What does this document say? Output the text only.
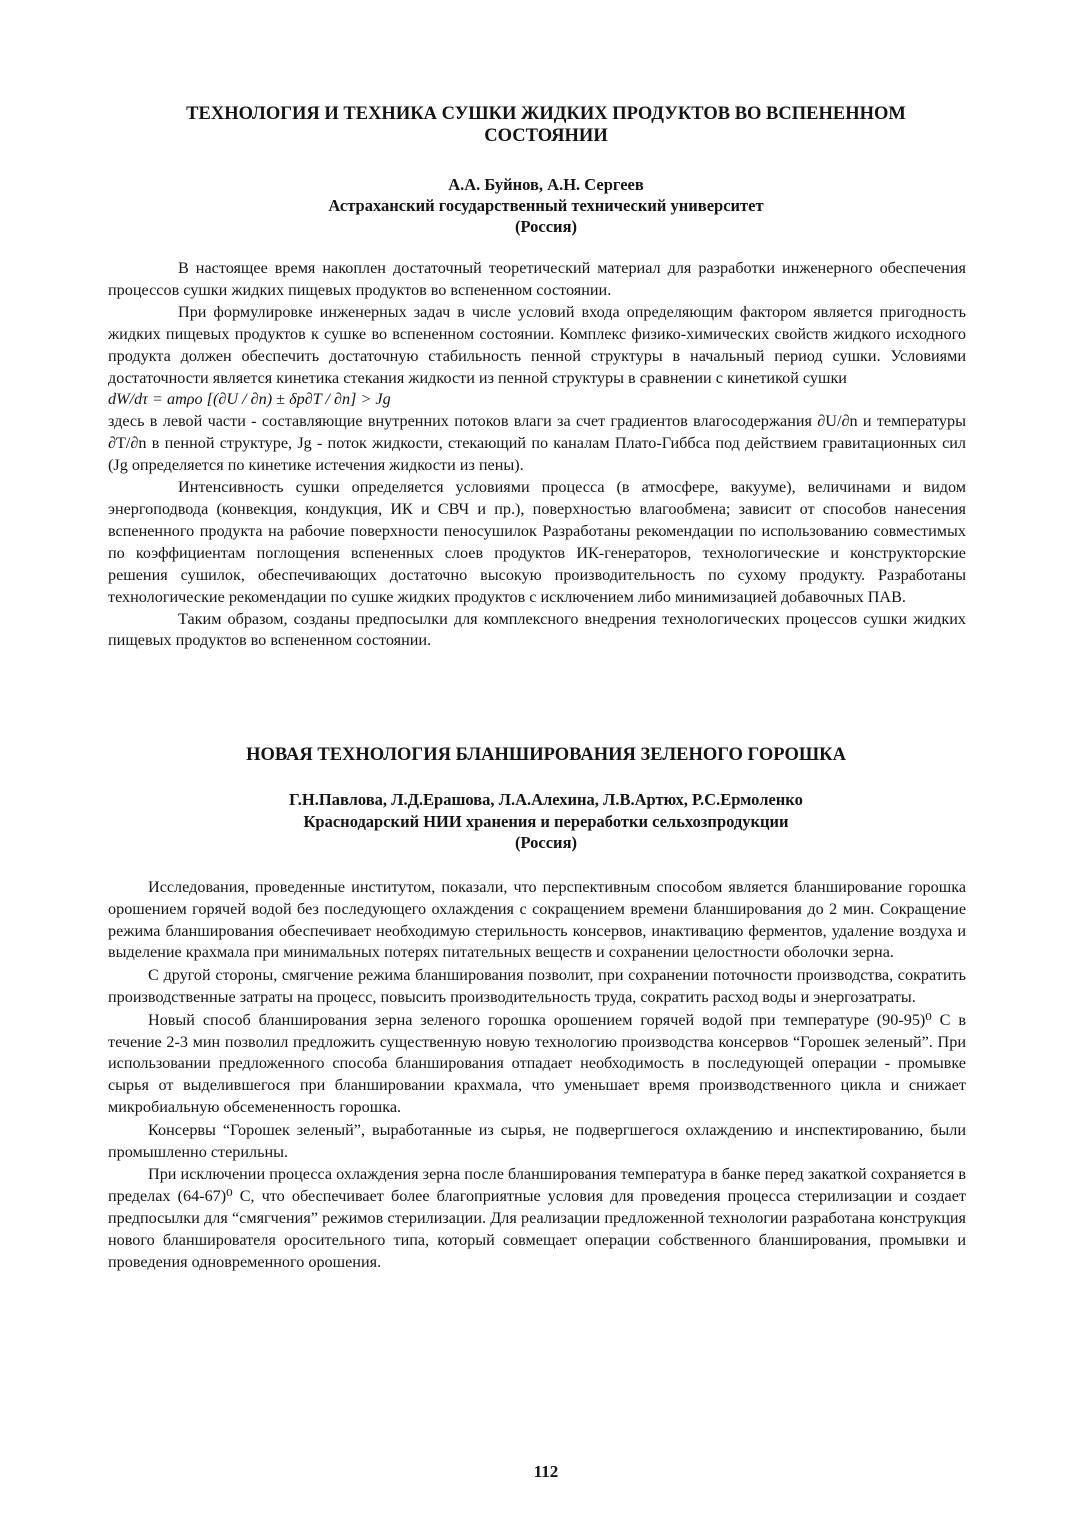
ТЕХНОЛОГИЯ И ТЕХНИКА СУШКИ ЖИДКИХ ПРОДУКТОВ ВО ВСПЕНЕННОМ
СОСТОЯНИИ
А.А. Буйнов, А.Н. Сергеев
Астраханский государственный технический университет
(Россия)

В настоящее время накоплен достаточный теоретический материал для разработки инженерного обеспечения процессов сушки жидких пищевых продуктов во вспененном состоянии.

При формулировке инженерных задач в числе условий входа определяющим фактором является пригодность жидких пищевых продуктов к сушке во вспененном состоянии. Комплекс физико-химических свойств жидкого исходного продукта должен обеспечить достаточную стабильность пенной структуры в начальный период сушки. Условиями достаточности является кинетика стекания жидкости из пенной структуры в сравнении с кинетикой сушки

dW/dτ = amρo [(∂U / ∂n) ± δp∂T / ∂n] > Jg

здесь в левой части - составляющие внутренних потоков влаги за счет градиентов влагосодержания ∂U/∂n и температуры ∂T/∂n в пенной структуре, Jg - поток жидкости, стекающий по каналам Плато-Гиббса под действием гравитационных сил (Jg определяется по кинетике истечения жидкости из пены).

Интенсивность сушки определяется условиями процесса (в атмосфере, вакууме), величинами и видом энергоподвода (конвекция, кондукция, ИК и СВЧ и пр.), поверхностью влагообмена; зависит от способов нанесения вспененного продукта на рабочие поверхности пеносушилок Разработаны рекомендации по использованию совместимых по коэффициентам поглощения вспененных слоев продуктов ИК-генераторов, технологические и конструкторские решения сушилок, обеспечивающих достаточно высокую производительность по сухому продукту. Разработаны технологические рекомендации по сушке жидких продуктов с исключением либо минимизацией добавочных ПАВ.

Таким образом, созданы предпосылки для комплексного внедрения технологических процессов сушки жидких пищевых продуктов во вспененном состоянии.

НОВАЯ ТЕХНОЛОГИЯ БЛАНШИРОВАНИЯ ЗЕЛЕНОГО ГОРОШКА
Г.Н.Павлова, Л.Д.Ерашова, Л.А.Алехина, Л.В.Артюх, Р.С.Ермоленко
Краснодарский НИИ хранения и переработки сельхозпродукции
(Россия)

Исследования, проведенные институтом, показали, что перспективным способом является бланширование горошка орошением горячей водой без последующего охлаждения с сокращением времени бланширования до 2 мин. Сокращение режима бланширования обеспечивает необходимую стерильность консервов, инактивацию ферментов, удаление воздуха и выделение крахмала при минимальных потерях питательных веществ и сохранении целостности оболочки зерна.

С другой стороны, смягчение режима бланширования позволит, при сохранении поточности производства, сократить производственные затраты на процесс, повысить производительность труда, сократить расход воды и энергозатраты.

Новый способ бланширования зерна зеленого горошка орошением горячей водой при температуре (90-95)⁰ С в течение 2-3 мин позволил предложить существенную новую технологию производства консервов “Горошек зеленый”. При использовании предложенного способа бланширования отпадает необходимость в последующей операции - промывке сырья от выделившегося при бланшировании крахмала, что уменьшает время производственного цикла и снижает микробиальную обсемененность горошка.

Консервы “Горошек зеленый”, выработанные из сырья, не подвергшегося охлаждению и инспектированию, были промышленно стерильны.

При исключении процесса охлаждения зерна после бланширования температура в банке перед закаткой сохраняется в пределах (64-67)⁰ С, что обеспечивает более благоприятные условия для проведения процесса стерилизации и создает предпосылки для “смягчения” режимов стерилизации. Для реализации предложенной технологии разработана конструкция нового бланширователя оросительного типа, который совмещает операции собственного бланширования, промывки и проведения одновременного орошения.

112
